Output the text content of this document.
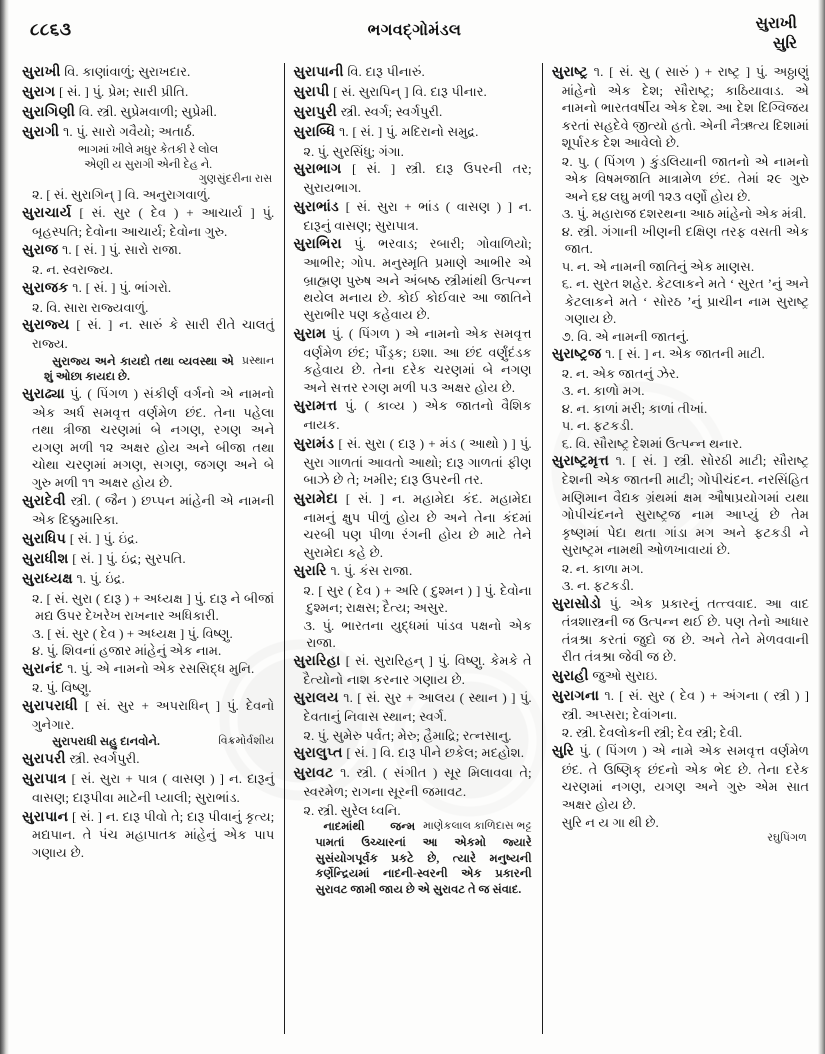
૮૮૬૩	ભગવદ્ગોમંડલ	સુરાખી
સુરિ
સુરાખી વિ. કાણાંવાળું; સુરાખદાર.
સુરાગ [ સં. ] પું. પ્રેમ; સારી પ્રીતિ.
સુરાગિણી વિ. સ્ત્રી. સુપ્રેમવાળી; સુપ્રેમી.
સુરાગી ૧. પું. સારો ગવૈયો; અતાર્ઠ.
ભાગમાં ખીલે મધુર કેતકી રે લોલ
એણી ય સુરાગી એની દેહ ને.
ગુણસુંદરીના રાસ
૨. [ સં. સુરાગિન્ ] વિ. અનુરાગવાળું.
સુરાચાર્ય [ સં. સુર ( દેવ ) + આચાર્ય ] પું. બૃહસ્પતિ; દેવોના આચાર્ય; દેવોના ગુરુ.
સુરાજ ૧. [ સં. ] પું. સારો રાજા.
૨. ન. સ્વરાજ્ય.
સુરાજક ૧. [ સં. ] પું. ભાંગરો.
૨. વિ. સારા રાજ્યવાળું.
સુરાજ્ય [ સં. ] ન. સારું કે સારી રીતે ચાલતું રાજ્ય.
પ્રસ્થાન
સુરાજ્ય અને કાયદો તથા વ્યવસ્થા એ શું ઓછા કાયદા છે.
સુરાઢ્યા પું. ( પિંગળ ) સંકીર્ણ વર્ગનો એ નામનો એક અર્ધ સમવૃત્ત વર્ણમેળ છંદ. તેના પહેલા તથા ત્રીજા ચરણમાં બે નગણ, રગણ અને યગણ મળી ૧૨ અક્ષર હોય અને બીજા તથા ચોથા ચરણમાં મગણ, સગણ, જગણ અને બે ગુરુ મળી ૧૧ અક્ષર હોય છે.
સુરાદેવી સ્ત્રી. ( જૈન ) છપ્પન માંહેની એ નામની એક દિક્કુમારિકા.
સુરાધિપ [ સં. ] પું. ઇંદ્ર.
સુરાધીશ [ સં. ] પું. ઇંદ્ર; સુરપતિ.
સુરાધ્યક્ષ ૧. પું. ઇંદ્ર.
૨. [ સં. સુરા ( દારૂ ) + અધ્યક્ષ ] પું. દારૂ ને બીજાં મદ્ય ઉપર દેખરેખ રાખનાર અધિકારી.
૩. [ સં. સુર ( દેવ ) + અધ્યક્ષ ] પું. વિષ્ણુ.
૪. પું. શિવનાં હજાર માંહેનું એક નામ.
સુરાનંદ ૧. પું. એ નામનો એક રસસિદ્ધ મુનિ.
૨. પું. વિષ્ણુ.
સુરાપરાધી [ સં. સુર + અપરાધિન્ ] પું. દેવનો ગુનેગાર.
વિક્રમોર્વશીય
સુરાપરાધી સહુ દાનવોને.
સુરાપરી સ્ત્રી. સ્વર્ગપુરી.
સુરાપાત્ર [ સં. સુરા + પાત્ર ( વાસણ ) ] ન. દારૂનું વાસણ; દારૂપીવા માટેની પ્યાલી; સુરાભાંડ.
સુરાપાન [ સં. ] ન. દારૂ પીવો તે; દારૂ પીવાનું કૃત્ય; મદ્યપાન. તે પંચ મહાપાતક માંહેનું એક પાપ ગણાય છે.
સુરાપાની વિ. દારૂ પીનારું.
સુરાપી [ સં. સુરાપિન્ ] વિ. દારૂ પીનાર.
સુરાપુરી સ્ત્રી. સ્વર્ગ; સ્વર્ગપુરી.
સુરાબ્ધિ ૧. [ સં. ] પું. મદિરાનો સમુદ્ર.
૨. પું. સુરસિંધુ; ગંગા.
સુરાભાગ [ સં. ] સ્ત્રી. દારૂ ઉપરની તર; સુરાયભાગ.
સુરાભાંડ [ સં. સુરા + ભાંડ ( વાસણ ) ] ન. દારૂનું વાસણ; સુરાપાત્ર.
સુરાભિરા પું. ભરવાડ; રબારી; ગોવાળિયો; આભીર; ગોપ. મનુસ્મૃતિ પ્રમાણે આભીર એ બ્રાહ્મણ પુરુષ અને અંબષ્ઠ સ્ત્રીમાંથી ઉત્પન્ન થયેલ મનાય છે. કોઈ કોઈવાર આ જાતિને સુરાભીર પણ કહેવાય છે.
સુરામ પું. ( પિંગળ ) એ નામનો એક સમવૃત્ત વર્ણમેળ છંદ; પૌંડ્રક; ઇશા. આ છંદ વર્ણુંદંડક કહેવાય છે. તેના દરેક ચરણમાં બે નગણ અને સત્તર રગણ મળી ૫૩ અક્ષર હોય છે.
સુરામત્ત પું. ( કાવ્ય ) એક જાતનો વૈશિક નાયક.
સુરામંડ [ સં. સુરા ( દારૂ ) + મંડ ( આથો ) ] પું. સુરા ગાળતાં આવતો આથો; દારૂ ગાળતાં ફીણ બાઝે છે તે; ખમીર; દારૂ ઉપરની તર.
સુરામેદા [ સં. ] ન. મહામેદા કંદ. મહામેદા નામનું ક્ષુપ પીળું હોય છે અને તેના કંદમાં ચરબી પણ પીળા રંગની હોય છે માટે તેને સુરામેદા કહે છે.
સુરારિ ૧. પું. કંસ રાજા.
૨. [ સુર ( દેવ ) + અરિ ( દુશ્મન ) ] પું. દેવોના દુશ્મન; રાક્ષસ; દૈત્ય; અસુર.
૩. પું. ભારતના યુદ્ધમાં પાંડવ પક્ષનો એક રાજા.
સુરારિહા [ સં. સુરારિહન્ ] પું. વિષ્ણુ. કેમકે તે દૈત્યોનો નાશ કરનાર ગણાય છે.
સુરાલય ૧. [ સં. સુર + આલય ( સ્થાન ) ] પું. દેવતાનું નિવાસ સ્થાન; સ્વર્ગ.
૨. પું. સુમેરુ પર્વત; મેરુ; હૈમાદ્રિ; રત્નસાનુ.
સુરાલુપ્ત [ સં. ] વિ. દારૂ પીને છકેલ; મદહોશ.
સુરાવટ ૧. સ્ત્રી. ( સંગીત ) સૂર મિલાવવા તે; સ્વરમેળ; રાગના સૂરની જમાવટ.
૨. સ્ત્રી. સુરેલ ધ્વનિ.
માણેકલાલ કાળિદાસ ભટ્ટ
નાદમાંથી જન્મ પામતાં ઉચ્ચારનાં આ એકમો જ્યારે સુસંયોગપૂર્વક પ્રકટે છે, ત્યારે મનુષ્યની કર્ણેન્દ્રિયમાં નાદની-સ્વરની એક પ્રકારની સુરાવટ જામી જાય છે એ સુરાવટ તે જ સંવાદ.
સુરાષ્ટ્ર ૧. [ સં. સુ ( સારું ) + રાષ્ટ્ર ] પું. અઠ્ઠાણું માંહેનો એક દેશ; સૌરાષ્ટ્ર; કાઠિયાવાડ. એ નામનો ભારતવર્ષીય એક દેશ. આ દેશ દિગ્વિજય કરતાં સહદેવે જીત્યો હતો. એની નૈઋત્ય દિશામાં શૂર્પારક દેશ આવેલો છે.
૨. પુ. ( પિંગળ ) કુંડલિયાની જાતનો એ નામનો એક વિષમજાતિ માત્રામેળ છંદ. તેમાં ૨૯ ગુરુ અને ૬૪ લઘુ મળી ૧૨૩ વર્ણો હોય છે.
૩. પું. મહારાજ દશરથના આઠ માંહેનો એક મંત્રી.
૪. સ્ત્રી. ગંગાની ખીણની દક્ષિણ તરફ વસતી એક જાત.
૫. ન. એ નામની જાતિનું એક માણસ.
૬. ન. સુરત શહેર. કેટલાકને મતે ‘ સુરત ’નું અને કેટલાકને મતે ‘ સોરઠ ’નું પ્રાચીન નામ સુરાષ્ટ્ર ગણાય છે.
૭. વિ. એ નામની જાતનું.
સુરાષ્ટ્રજ ૧. [ સં. ] ન. એક જાતની માટી.
૨. ન. એક જાતનું ઝેર.
૩. ન. કાળો મગ.
૪. ન. કાળાં મરી; કાળાં તીખાં.
૫. ન. ફટકડી.
૬. વિ. સૌરાષ્ટ્ર દેશમાં ઉત્પન્ન થનાર.
સુરાષ્ટ્રમૃત્ત ૧. [ સં. ] સ્ત્રી. સોરઠી માટી; સૌરાષ્ટ્ર દેશની એક જાતની માટી; ગોપીચંદન. નરસિંહિત મણિમાન વૈદ્યક ગ્રંથમાં ક્ષમ ઔષાપ્રયોગમાં યથા ગોપીચંદનને સુરાષ્ટ્રજ નામ આપ્યું છે તેમ કૃષ્ણમાં પેદા થતા ગાંડા મગ અને ફટકડી ને સુરાષ્ટ્રમ નામથી ઓળખાવાયાં છે.
૨. ન. કાળા મગ.
૩. ન. ફટકડી.
સુરાસોડો પું. એક પ્રકારનું તત્ત્વવાદ. આ વાદ તંત્રશાસ્ત્રની જ ઉત્પન્ન થઈ છે. પણ તેનો આધાર તંત્રશ્રા કરતાં જુદો જ છે. અને તેને મેળવવાની રીત તંત્રશ્રા જેવી જ છે.
સુરાહી જુઓ સુરાઇ.
સુરાગના ૧. [ સં. સુર ( દેવ ) + અંગના ( સ્ત્રી ) ] સ્ત્રી. અપ્સરા; દેવાંગના.
૨. સ્ત્રી. દેવલોકની સ્ત્રી; દેવ સ્ત્રી; દેવી.
સુરિ પું. ( પિંગળ ) એ નામે એક સમવૃત્ત વર્ણમેળ છંદ. તે ઉષ્ણિક્ છંદનો એક ભેદ છે. તેના દરેક ચરણમાં નગણ, યગણ અને ગુરુ એમ સાત અક્ષર હોય છે.
સુરિ ન ય ગા થી છે.
રઘુપિંગળ
